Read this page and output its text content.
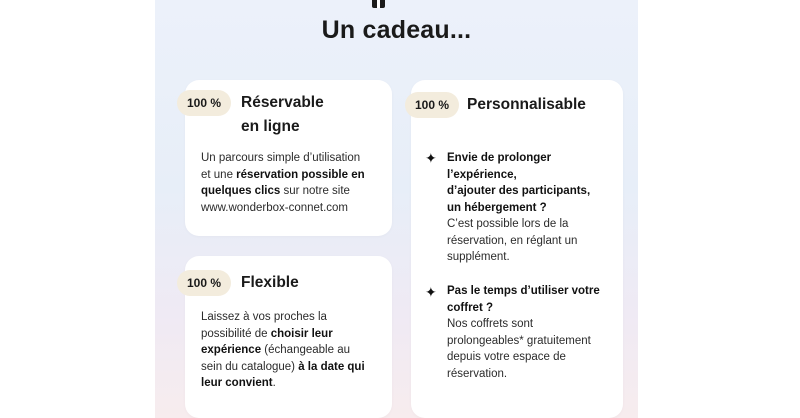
Un cadeau...
100 %	Réservable
en ligne
Un parcours simple d’utilisation
et une réservation possible en
quelques clics sur notre site
www.wonderbox-connet.com
100 %	Flexible
Laissez à vos proches la
possibilité de choisir leur
expérience (échangeable au
sein du catalogue) à la date qui
leur convient.
100 %	Personnalisable
✦ Envie de prolonger
l’expérience,
d’ajouter des participants,
un hébergement ?
C’est possible lors de la
réservation, en réglant un
supplément.
✦ Pas le temps d’utiliser votre
coffret ?
Nos coffrets sont
prolongeables* gratuitement
depuis votre espace de
réservation.
